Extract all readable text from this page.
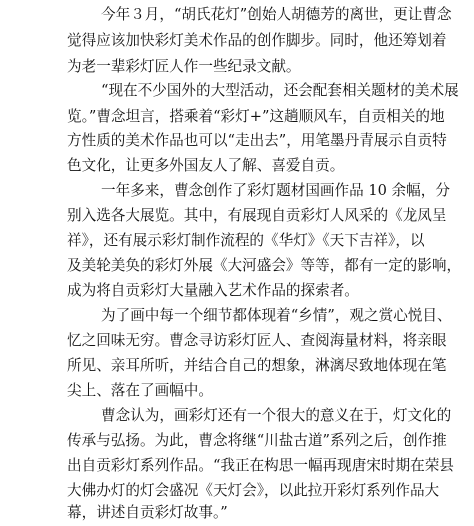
今年３月，“胡氏花灯”创始人胡德芳的离世，更让曹念
觉得应该加快彩灯美术作品的创作脚步。同时，他还筹划着
为老一辈彩灯匠人作一些纪录文献。
“现在不少国外的大型活动，还会配套相关题材的美术展
览。”曹念坦言，搭乘着“彩灯+”这趟顺风车，自贡相关的地
方性质的美术作品也可以“走出去”，用笔墨丹青展示自贡特
色文化，让更多外国友人了解、喜爱自贡。
一年多来，曹念创作了彩灯题材国画作品 10 余幅，分
别入选各大展览。其中，有展现自贡彩灯人风采的《龙凤呈
祥》，还有展示彩灯制作流程的《华灯》《天下吉祥》，以
及美轮美奂的彩灯外展《大河盛会》等等，都有一定的影响，
成为将自贡彩灯大量融入艺术作品的探索者。
为了画中每一个细节都体现着“乡情”，观之赏心悦目、
忆之回味无穷。曹念寻访彩灯匠人、查阅海量材料，将亲眼
所见、亲耳所听，并结合自己的想象，淋漓尽致地体现在笔
尖上、落在了画幅中。
曹念认为，画彩灯还有一个很大的意义在于，灯文化的
传承与弘扬。为此，曹念将继“川盐古道”系列之后，创作推
出自贡彩灯系列作品。“我正在构思一幅再现唐宋时期在荣县
大佛办灯的灯会盛况《天灯会》，以此拉开彩灯系列作品大
幕，讲述自贡彩灯故事。”
